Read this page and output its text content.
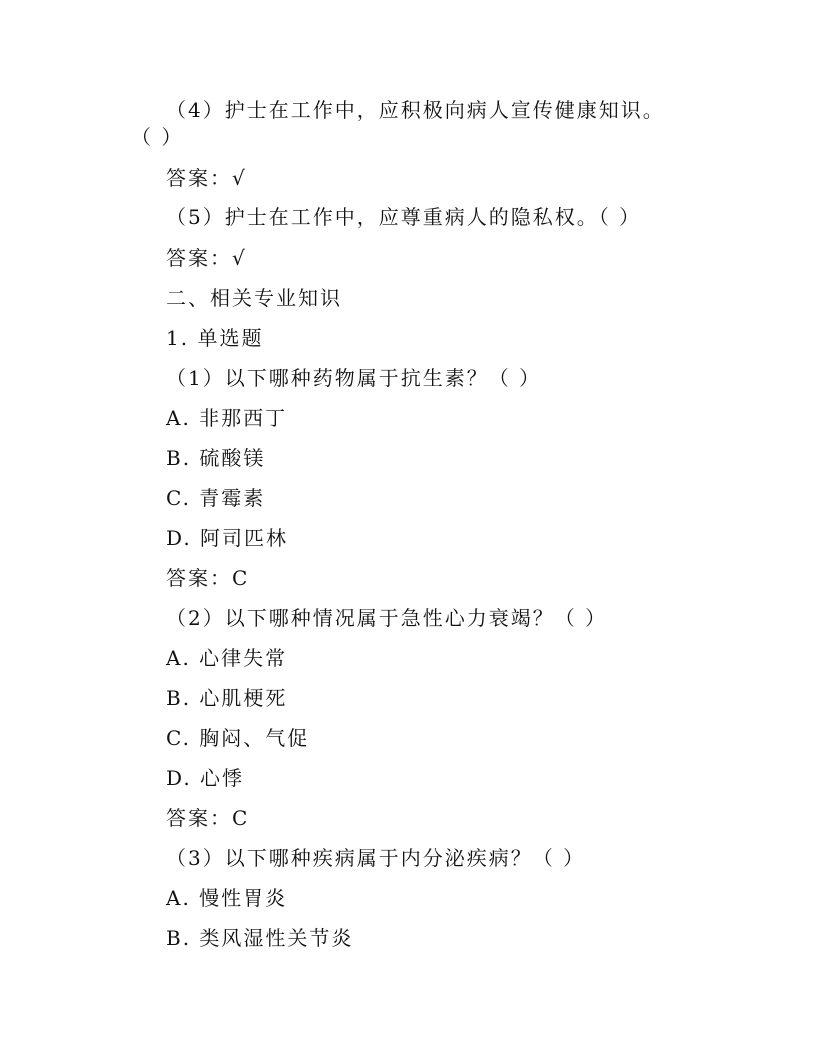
（4）护士在工作中，应积极向病人宣传健康知识。
（ ）
答案：√
（5）护士在工作中，应尊重病人的隐私权。（ ）
答案：√
二、相关专业知识
1. 单选题
（1）以下哪种药物属于抗生素？（ ）
A. 非那西丁
B. 硫酸镁
C. 青霉素
D. 阿司匹林
答案：C
（2）以下哪种情况属于急性心力衰竭？（ ）
A. 心律失常
B. 心肌梗死
C. 胸闷、气促
D. 心悸
答案：C
（3）以下哪种疾病属于内分泌疾病？（ ）
A. 慢性胃炎
B. 类风湿性关节炎
